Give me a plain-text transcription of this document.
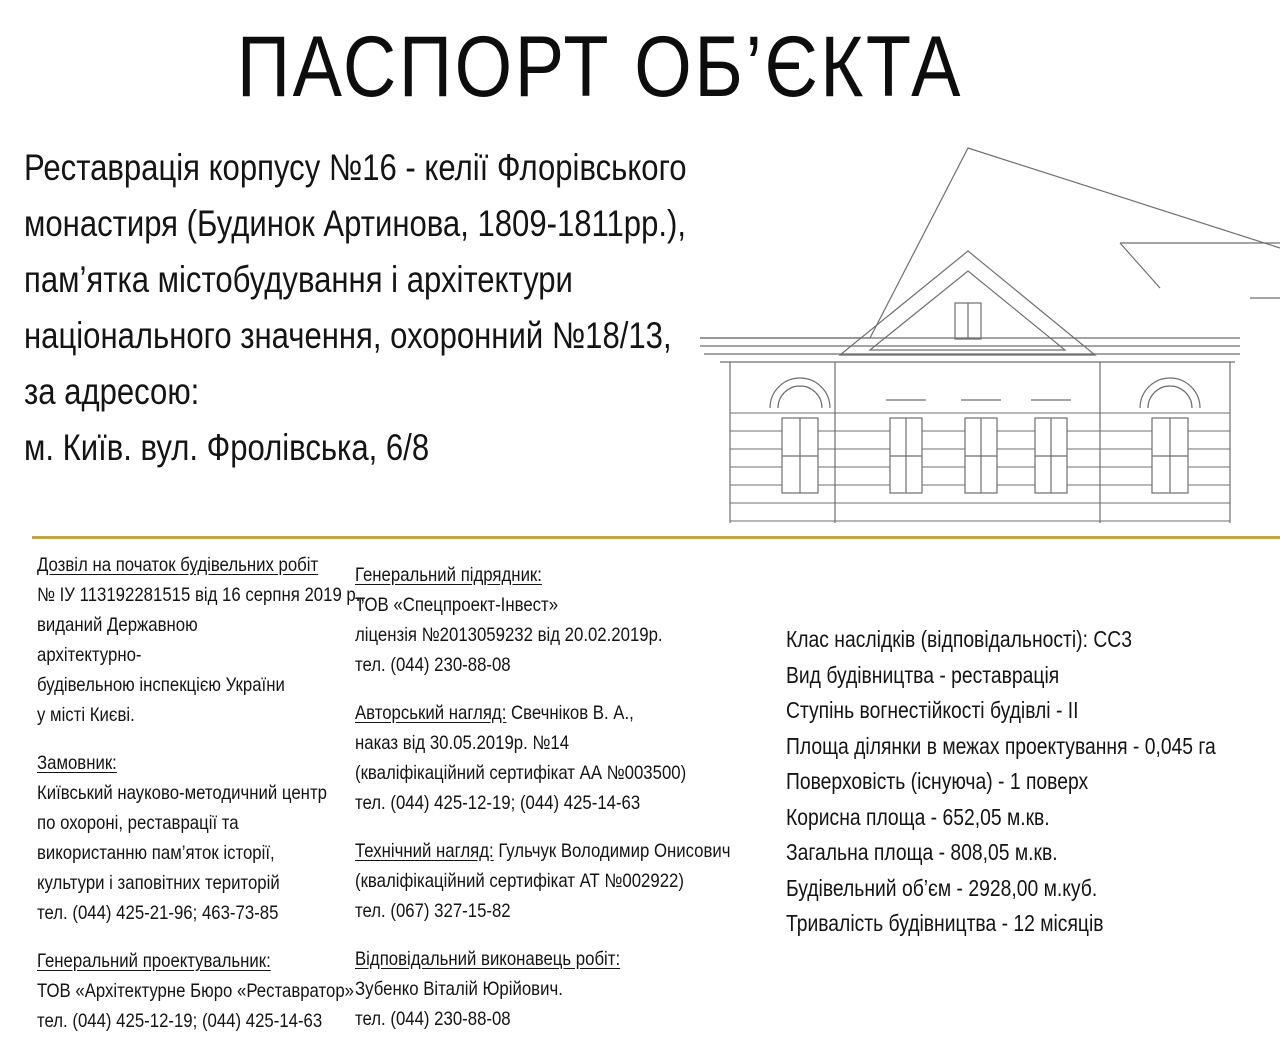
ПАСПОРТ ОБ’ЄКТА
Реставрація корпусу №16 - келії Флорівського
монастиря (Будинок Артинова, 1809-1811рр.),
пам’ятка містобудування і архітектури
національного значення, охоронний №18/13,
за адресою:
м. Київ. вул. Фролівська, 6/8
Дозвіл на початок будівельних робіт
№ ІУ 113192281515 від 16 серпня 2019 р.,
виданий Державною
архітектурно-
будівельною інспекцією України
у місті Києві.
Замовник:
Київський науково-методичний центр
по охороні, реставрації та
використанню пам’яток історії,
культури і заповітних територій
тел. (044) 425-21-96; 463-73-85
Генеральний проектувальник:
ТОВ «Архітектурне Бюро «Реставратор»
тел. (044) 425-12-19; (044) 425-14-63
Генеральний підрядник:
ТОВ «Спецпроект-Інвест»
ліцензія №2013059232 від 20.02.2019р.
тел. (044) 230-88-08
Авторський нагляд: Свечніков В. А.,
наказ від 30.05.2019р. №14
(кваліфікаційний сертифікат АА №003500)
тел. (044) 425-12-19; (044) 425-14-63
Технічний нагляд: Гульчук Володимир Онисович
(кваліфікаційний сертифікат АТ №002922)
тел. (067) 327-15-82
Відповідальний виконавець робіт:
Зубенко Віталій Юрійович.
тел. (044) 230-88-08
Клас наслідків (відповідальності): СС3
Вид будівництва - реставрація
Ступінь вогнестійкості будівлі - ІІ
Площа ділянки в межах проектування - 0,045 га
Поверховість (існуюча) - 1 поверх
Корисна площа - 652,05 м.кв.
Загальна площа - 808,05 м.кв.
Будівельний об’єм - 2928,00 м.куб.
Тривалість будівництва - 12 місяців
